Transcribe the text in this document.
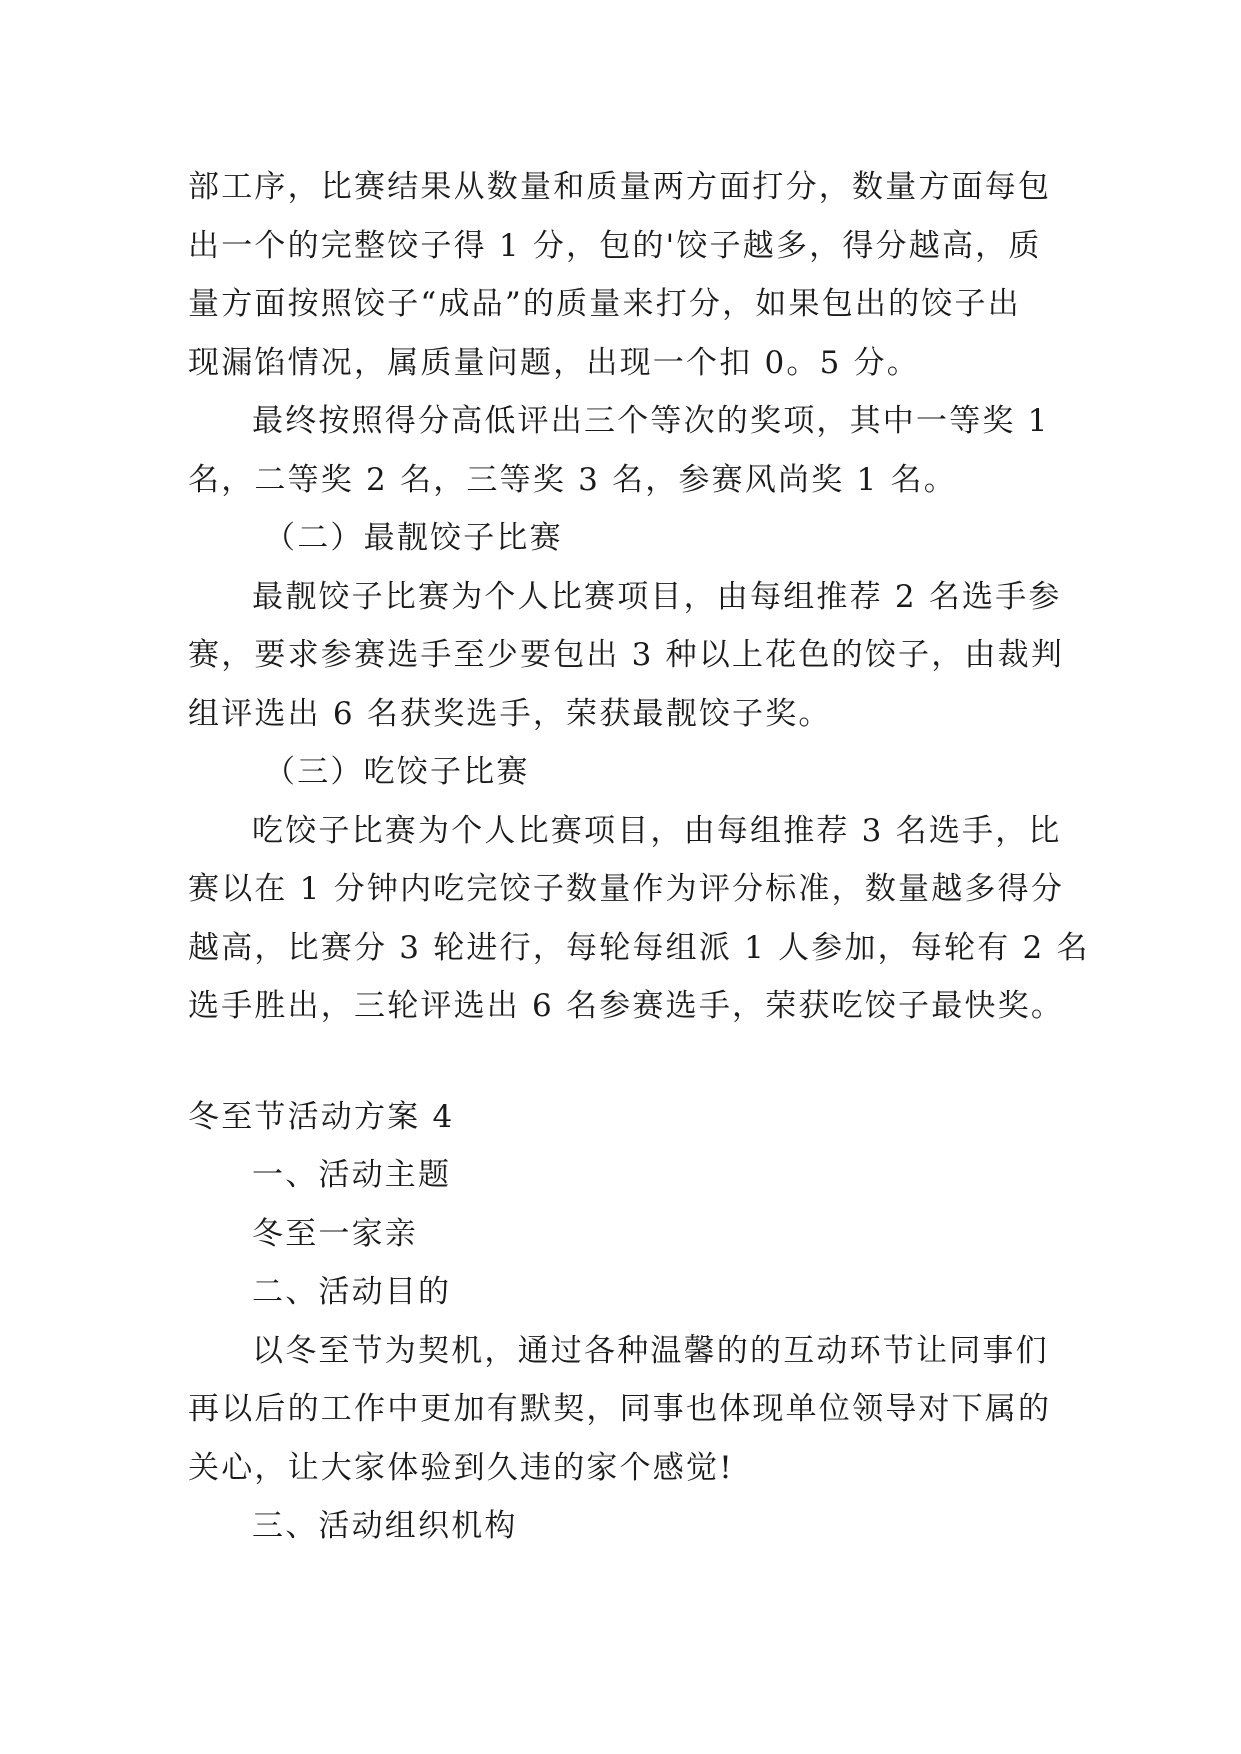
部工序，比赛结果从数量和质量两方面打分，数量方面每包
出一个的完整饺子得 1 分，包的'饺子越多，得分越高，质
量方面按照饺子“成品”的质量来打分，如果包出的饺子出
现漏馅情况，属质量问题，出现一个扣 0。5 分。
最终按照得分高低评出三个等次的奖项，其中一等奖 1
名，二等奖 2 名，三等奖 3 名，参赛风尚奖 1 名。
（二）最靓饺子比赛
最靓饺子比赛为个人比赛项目，由每组推荐 2 名选手参
赛，要求参赛选手至少要包出 3 种以上花色的饺子，由裁判
组评选出 6 名获奖选手，荣获最靓饺子奖。
（三）吃饺子比赛
吃饺子比赛为个人比赛项目，由每组推荐 3 名选手，比
赛以在 1 分钟内吃完饺子数量作为评分标准，数量越多得分
越高，比赛分 3 轮进行，每轮每组派 1 人参加，每轮有 2 名
选手胜出，三轮评选出 6 名参赛选手，荣获吃饺子最快奖。
冬至节活动方案 4
一、活动主题
冬至一家亲
二、活动目的
以冬至节为契机，通过各种温馨的的互动环节让同事们
再以后的工作中更加有默契，同事也体现单位领导对下属的
关心，让大家体验到久违的家个感觉!
三、活动组织机构
